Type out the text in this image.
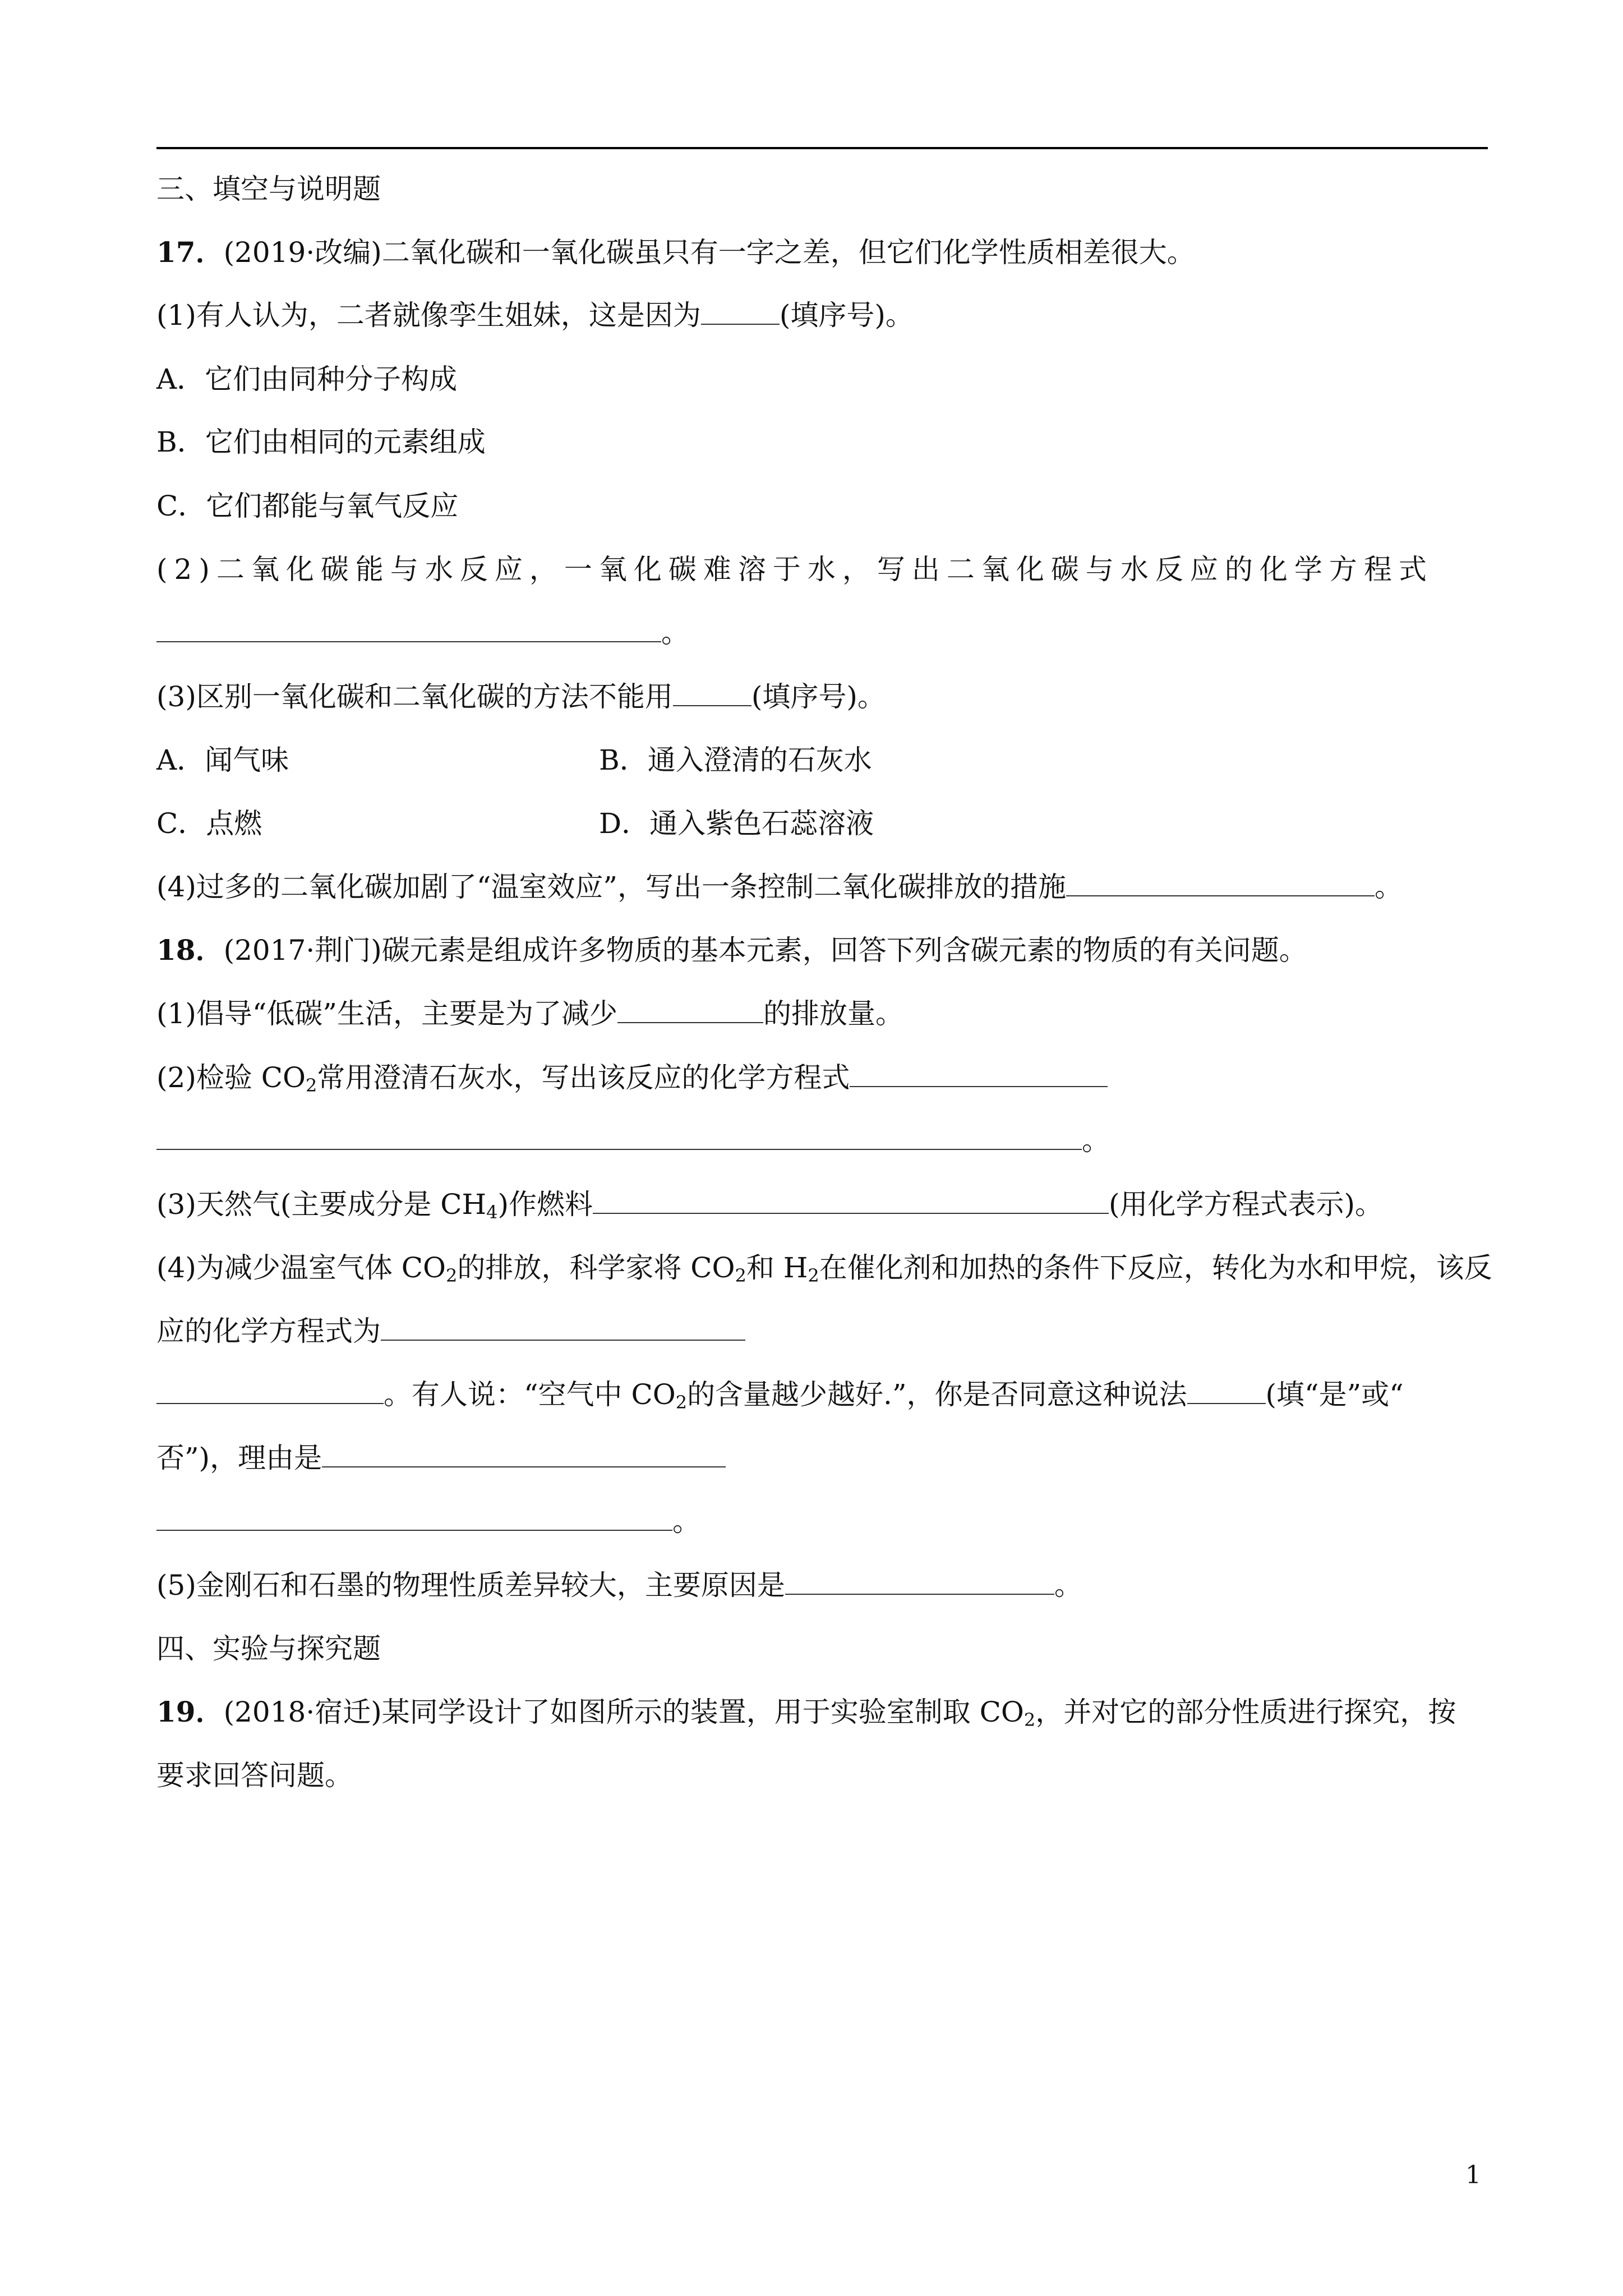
三、填空与说明题
17．(2019·改编)二氧化碳和一氧化碳虽只有一字之差，但它们化学性质相差很大。
(1)有人认为，二者就像孪生姐妹，这是因为	(填序号)。
A．它们由同种分子构成
B．它们由相同的元素组成
C．它们都能与氧气反应
(2)二氧化碳能与水反应，一氧化碳难溶于水，写出二氧化碳与水反应的化学方程式
。
(3)区别一氧化碳和二氧化碳的方法不能用	(填序号)。
A．闻气味	B．通入澄清的石灰水
C．点燃	D．通入紫色石蕊溶液
(4)过多的二氧化碳加剧了“温室效应”，写出一条控制二氧化碳排放的措施	。
18．(2017·荆门)碳元素是组成许多物质的基本元素，回答下列含碳元素的物质的有关问题。
(1)倡导“低碳”生活，主要是为了减少	的排放量。
(2)检验 $CO_2$常用澄清石灰水，写出该反应的化学方程式
。
(3)天然气(主要成分是 $CH_4$)作燃料	(用化学方程式表示)。
(4)为减少温室气体 $CO_2$的排放，科学家将 $CO_2$和 $H_2$在催化剂和加热的条件下反应，转化为水和甲烷，该反
应的化学方程式为
。有人说：“空气中 $CO_2$的含量越少越好.”，你是否同意这种说法	(填“是”或“
否”)，理由是
。
(5)金刚石和石墨的物理性质差异较大，主要原因是	。
四、实验与探究题
19．(2018·宿迁)某同学设计了如图所示的装置，用于实验室制取 $CO_2$，并对它的部分性质进行探究，按
要求回答问题。
1
